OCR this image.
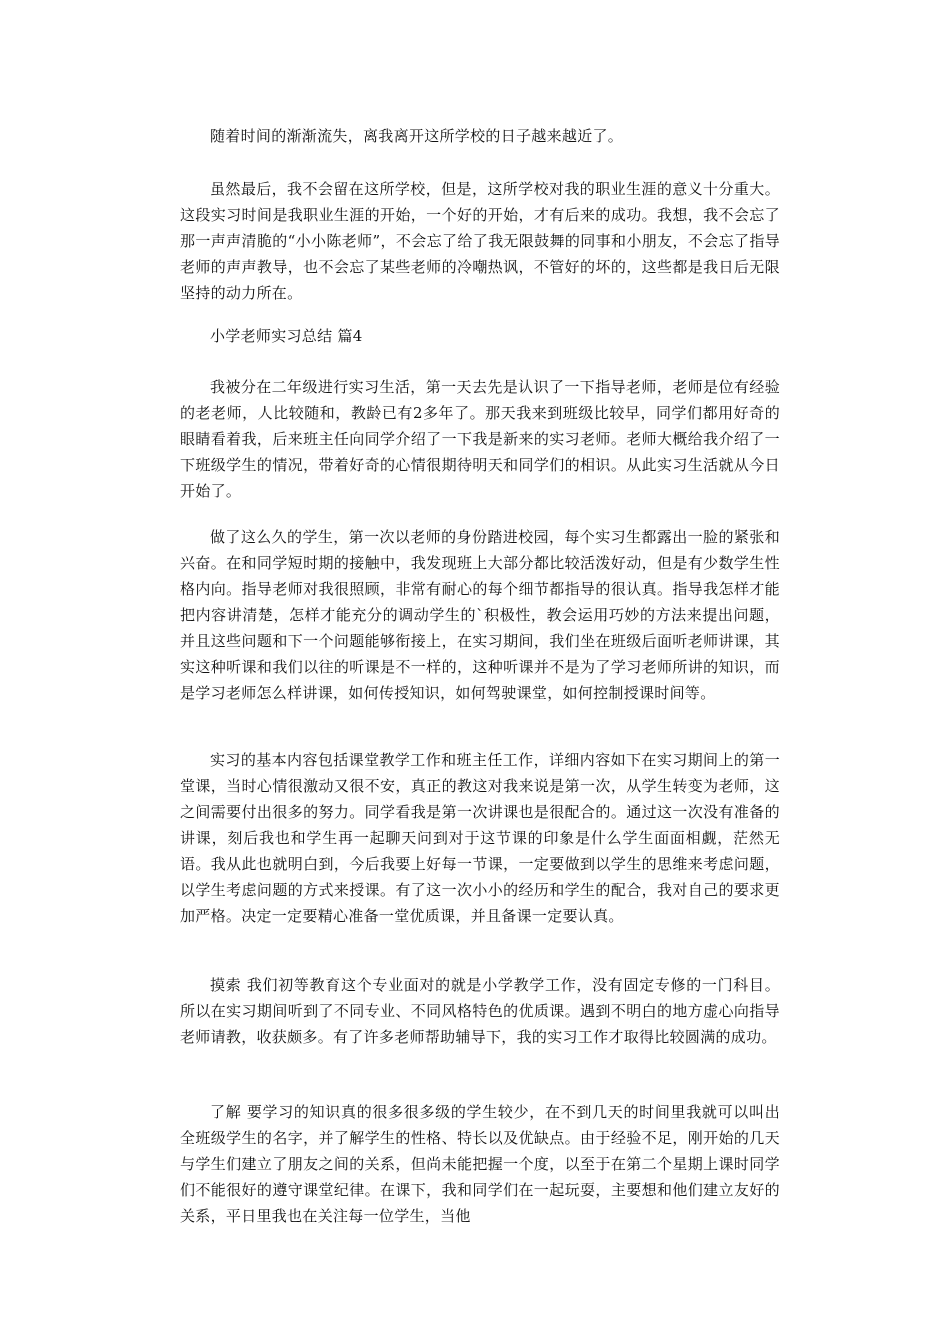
随着时间的渐渐流失，离我离开这所学校的日子越来越近了。

虽然最后，我不会留在这所学校，但是，这所学校对我的职业生涯的意义十分重大。这段实习时间是我职业生涯的开始，一个好的开始，才有后来的成功。我想，我不会忘了那一声声清脆的“小小陈老师”，不会忘了给了我无限鼓舞的同事和小朋友，不会忘了指导老师的声声教导，也不会忘了某些老师的冷嘲热讽，不管好的坏的，这些都是我日后无限坚持的动力所在。

小学老师实习总结 篇4

我被分在二年级进行实习生活，第一天去先是认识了一下指导老师，老师是位有经验的老老师，人比较随和，教龄已有2多年了。那天我来到班级比较早，同学们都用好奇的眼睛看着我，后来班主任向同学介绍了一下我是新来的实习老师。老师大概给我介绍了一下班级学生的情况，带着好奇的心情很期待明天和同学们的相识。从此实习生活就从今日开始了。

做了这么久的学生，第一次以老师的身份踏进校园，每个实习生都露出一脸的紧张和兴奋。在和同学短时期的接触中，我发现班上大部分都比较活泼好动，但是有少数学生性格内向。指导老师对我很照顾，非常有耐心的每个细节都指导的很认真。指导我怎样才能把内容讲清楚，怎样才能充分的调动学生的`积极性，教会运用巧妙的方法来提出问题，并且这些问题和下一个问题能够衔接上，在实习期间，我们坐在班级后面听老师讲课，其实这种听课和我们以往的听课是不一样的，这种听课并不是为了学习老师所讲的知识，而是学习老师怎么样讲课，如何传授知识，如何驾驶课堂，如何控制授课时间等。

实习的基本内容包括课堂教学工作和班主任工作，详细内容如下在实习期间上的第一堂课，当时心情很激动又很不安，真正的教这对我来说是第一次，从学生转变为老师，这之间需要付出很多的努力。同学看我是第一次讲课也是很配合的。通过这一次没有准备的讲课，刻后我也和学生再一起聊天问到对于这节课的印象是什么学生面面相觑，茫然无语。我从此也就明白到，今后我要上好每一节课，一定要做到以学生的思维来考虑问题，以学生考虑问题的方式来授课。有了这一次小小的经历和学生的配合，我对自己的要求更加严格。决定一定要精心准备一堂优质课，并且备课一定要认真。

摸索 我们初等教育这个专业面对的就是小学教学工作，没有固定专修的一门科目。所以在实习期间听到了不同专业、不同风格特色的优质课。遇到不明白的地方虚心向指导老师请教，收获颇多。有了许多老师帮助辅导下，我的实习工作才取得比较圆满的成功。

了解 要学习的知识真的很多很多级的学生较少，在不到几天的时间里我就可以叫出全班级学生的名字，并了解学生的性格、特长以及优缺点。由于经验不足，刚开始的几天与学生们建立了朋友之间的关系，但尚未能把握一个度，以至于在第二个星期上课时同学们不能很好的遵守课堂纪律。在课下，我和同学们在一起玩耍，主要想和他们建立友好的关系，平日里我也在关注每一位学生，当他
